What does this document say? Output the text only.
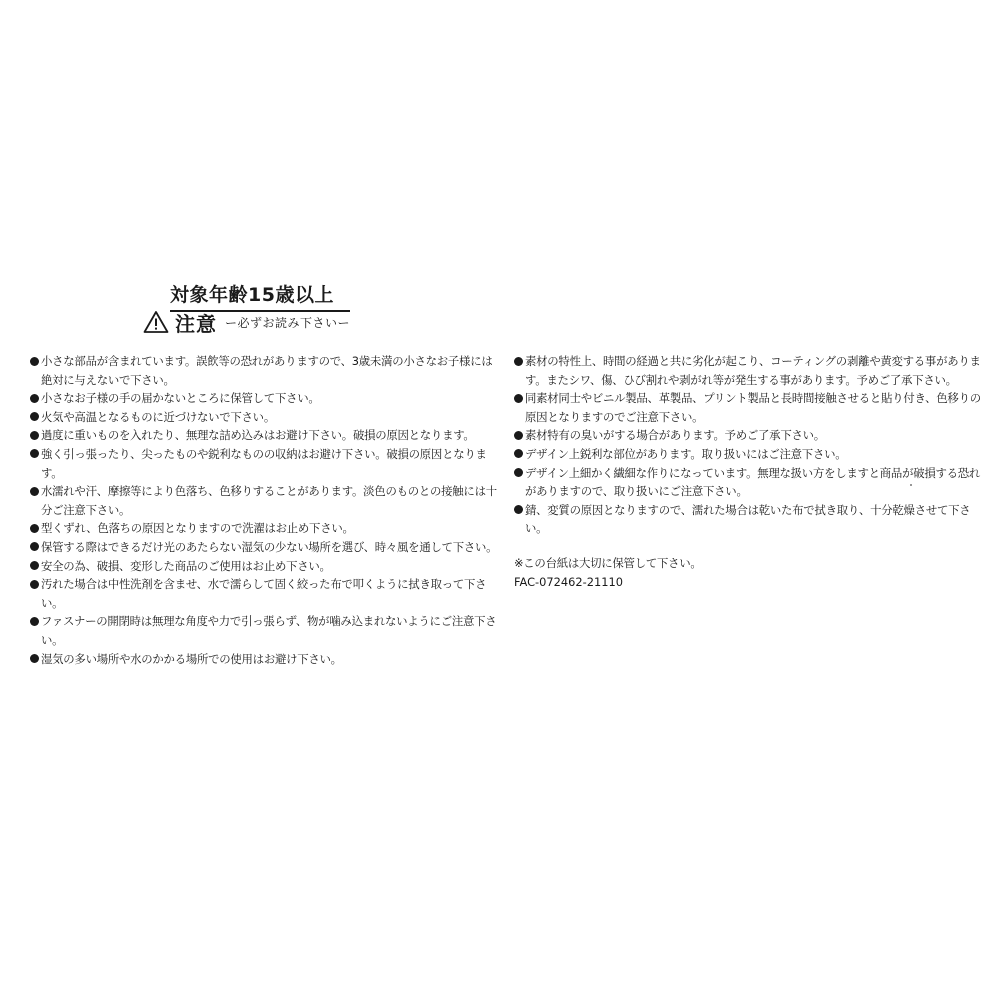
対象年齢15歳以上
注意 ー必ずお読み下さいー
小さな部品が含まれています。誤飲等の恐れがありますので、3歳未満の小さなお子様には絶対に与えないで下さい。
小さなお子様の手の届かないところに保管して下さい。
火気や高温となるものに近づけないで下さい。
過度に重いものを入れたり、無理な詰め込みはお避け下さい。破損の原因となります。
強く引っ張ったり、尖ったものや鋭利なものの収納はお避け下さい。破損の原因となります。
水濡れや汗、摩擦等により色落ち、色移りすることがあります。淡色のものとの接触には十分ご注意下さい。
型くずれ、色落ちの原因となりますので洗濯はお止め下さい。
保管する際はできるだけ光のあたらない湿気の少ない場所を選び、時々風を通して下さい。
安全の為、破損、変形した商品のご使用はお止め下さい。
汚れた場合は中性洗剤を含ませ、水で濡らして固く絞った布で叩くように拭き取って下さい。
ファスナーの開閉時は無理な角度や力で引っ張らず、物が噛み込まれないようにご注意下さい。
湿気の多い場所や水のかかる場所での使用はお避け下さい。
素材の特性上、時間の経過と共に劣化が起こり、コーティングの剥離や黄変する事があります。またシワ、傷、ひび割れや剥がれ等が発生する事があります。予めご了承下さい。
同素材同士やビニル製品、革製品、プリント製品と長時間接触させると貼り付き、色移りの原因となりますのでご注意下さい。
素材特有の臭いがする場合があります。予めご了承下さい。
デザイン上鋭利な部位があります。取り扱いにはご注意下さい。
デザイン上細かく繊細な作りになっています。無理な扱い方をしますと商品が破損する恐れがありますので、取り扱いにご注意下さい。
錆、変質の原因となりますので、濡れた場合は乾いた布で拭き取り、十分乾燥させて下さい。
※この台紙は大切に保管して下さい。
FAC-072462-21110
